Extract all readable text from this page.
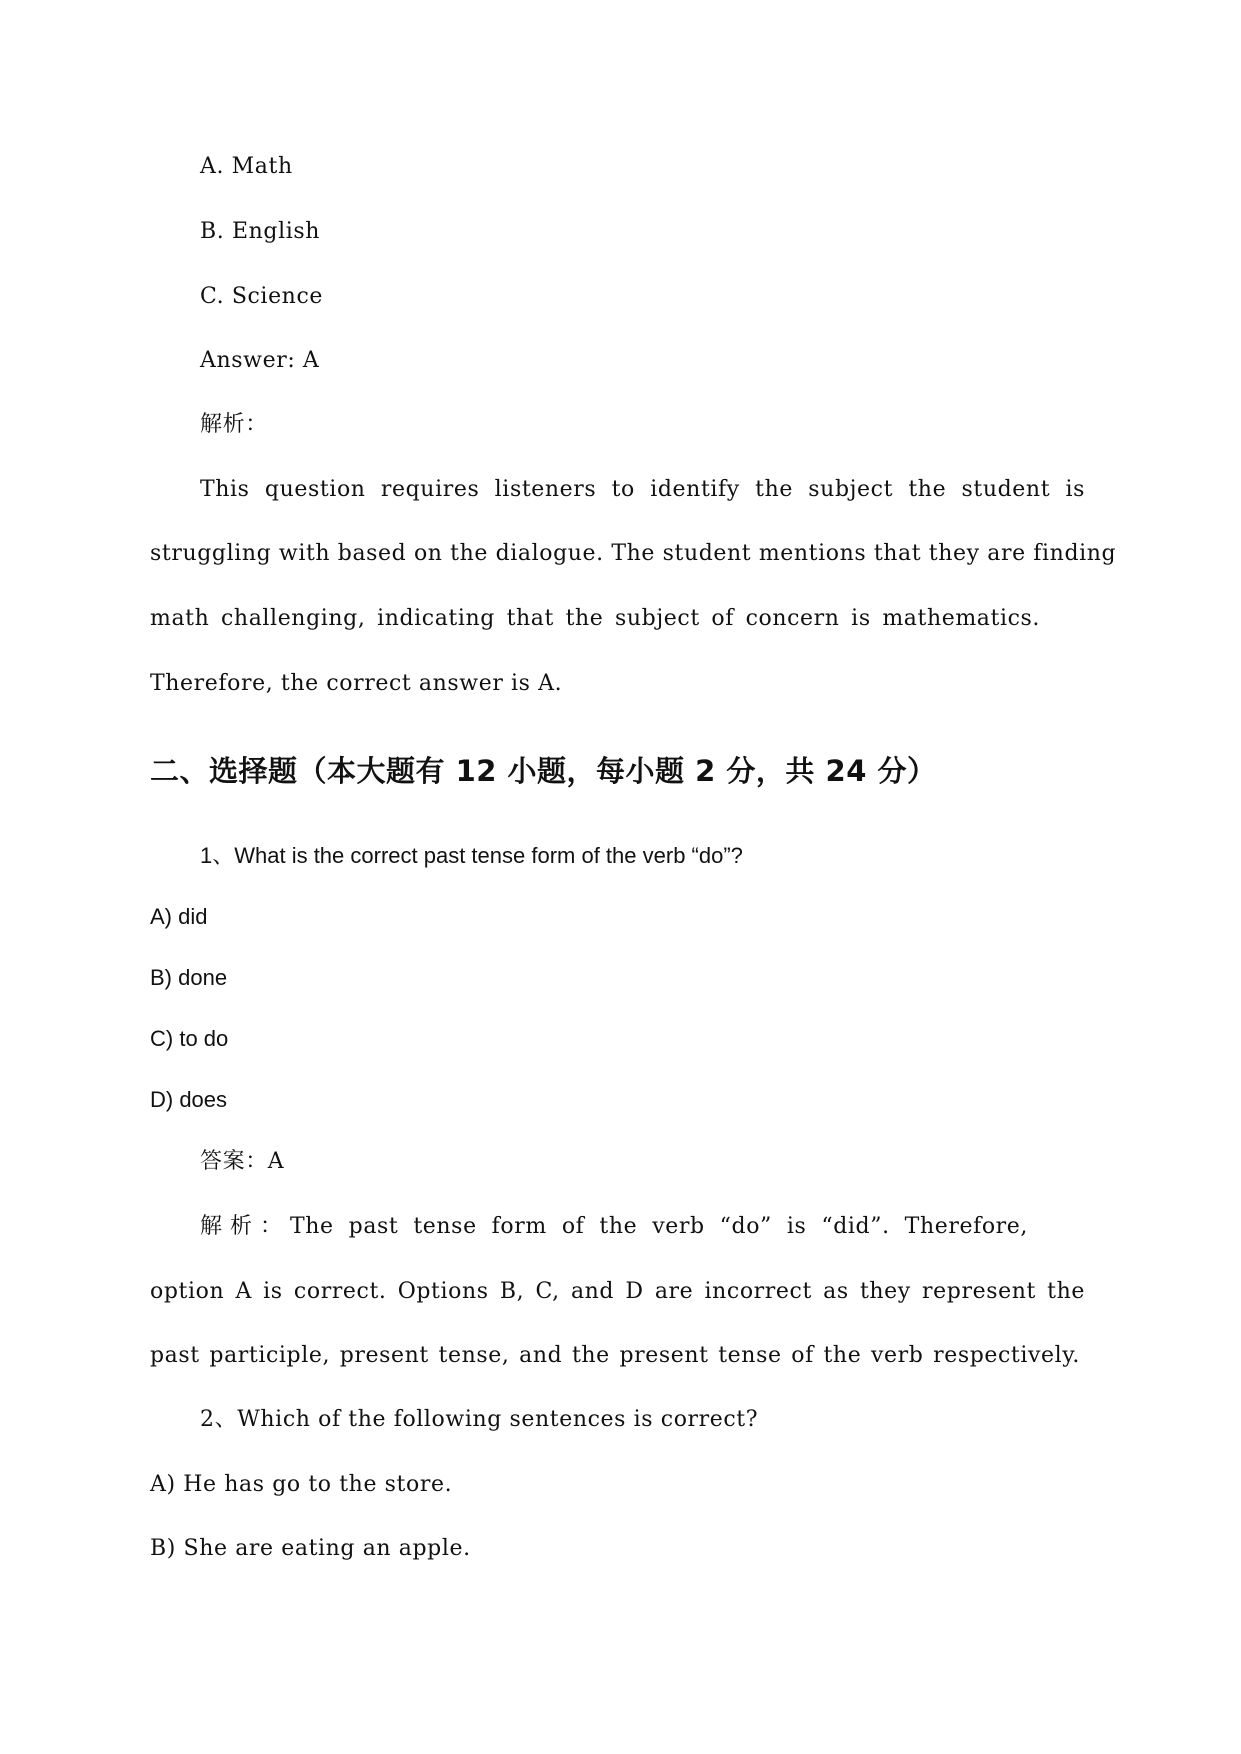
A. Math
B. English
C. Science
Answer: A
解析：
This question requires listeners to identify the subject the student is
struggling with based on the dialogue. The student mentions that they are finding
math challenging, indicating that the subject of concern is mathematics.
Therefore, the correct answer is A.
二、选择题（本大题有 12 小题，每小题 2 分，共 24 分）
1、What is the correct past tense form of the verb “do”?
A) did
B) done
C) to do
D) does
答案：A
解析：The past tense form of the verb “do” is “did”. Therefore,
option A is correct. Options B, C, and D are incorrect as they represent the
past participle, present tense, and the present tense of the verb respectively.
2、Which of the following sentences is correct?
A) He has go to the store.
B) She are eating an apple.
